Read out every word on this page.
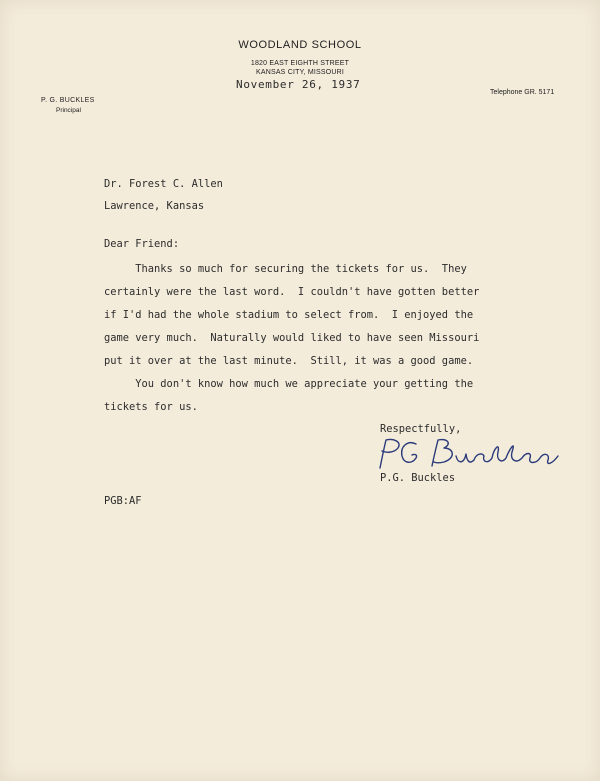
WOODLAND SCHOOL
1820 EAST EIGHTH STREET
KANSAS CITY, MISSOURI
November 26, 1937
P. G. BUCKLES
Principal
Telephone GR. 5171
Dr. Forest C. Allen
Lawrence, Kansas
Dear Friend:
Thanks so much for securing the tickets for us.  They
certainly were the last word.  I couldn't have gotten better
if I'd had the whole stadium to select from.  I enjoyed the
game very much.  Naturally would liked to have seen Missouri
put it over at the last minute.  Still, it was a good game.
You don't know how much we appreciate your getting the
tickets for us.
Respectfully,
P.G. Buckles
PGB:AF
